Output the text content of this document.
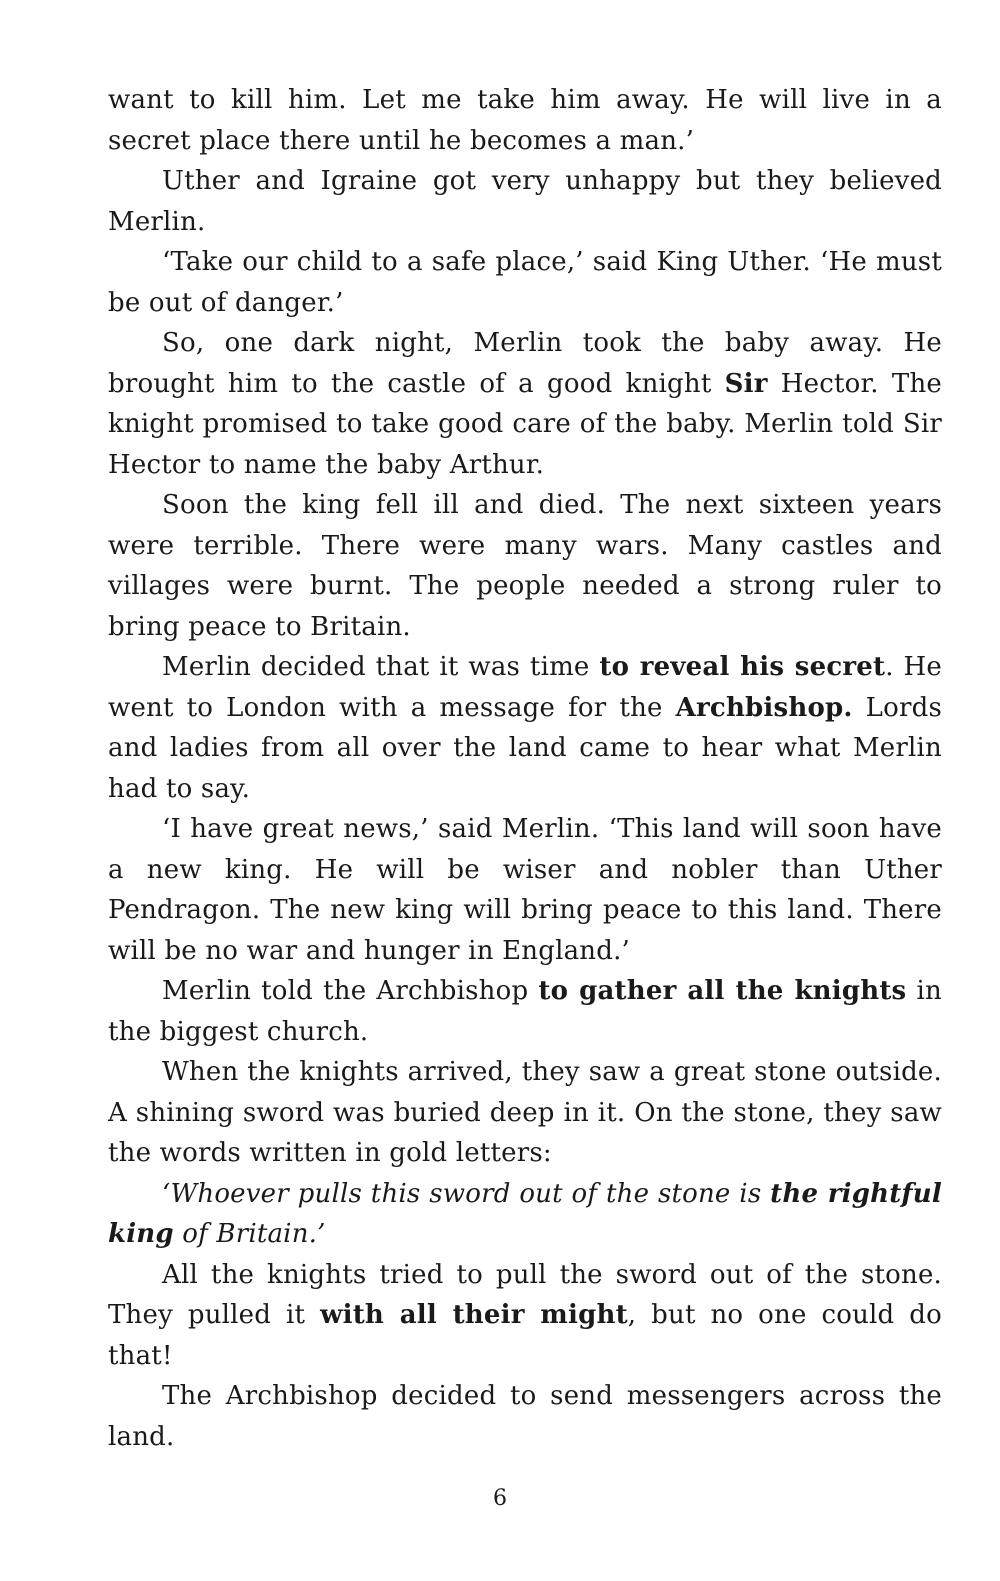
want to kill him. Let me take him away. He will live in a secret place there until he becomes a man.’

Uther and Igraine got very unhappy but they believed Merlin.

‘Take our child to a safe place,’ said King Uther. ‘He must be out of danger.’

So, one dark night, Merlin took the baby away. He brought him to the castle of a good knight Sir Hector. The knight promised to take good care of the baby. Merlin told Sir Hector to name the baby Arthur.

Soon the king fell ill and died. The next sixteen years were terrible. There were many wars. Many castles and villages were burnt. The people needed a strong ruler to bring peace to Britain.

Merlin decided that it was time to reveal his secret. He went to London with a message for the Archbishop. Lords and ladies from all over the land came to hear what Merlin had to say.

‘I have great news,’ said Merlin. ‘This land will soon have a new king. He will be wiser and nobler than Uther Pendragon. The new king will bring peace to this land. There will be no war and hunger in England.’

Merlin told the Archbishop to gather all the knights in the biggest church.

When the knights arrived, they saw a great stone outside. A shining sword was buried deep in it. On the stone, they saw the words written in gold letters:

‘Whoever pulls this sword out of the stone is the rightful king of Britain.’

All the knights tried to pull the sword out of the stone. They pulled it with all their might, but no one could do that!

The Archbishop decided to send messengers across the land.

6
